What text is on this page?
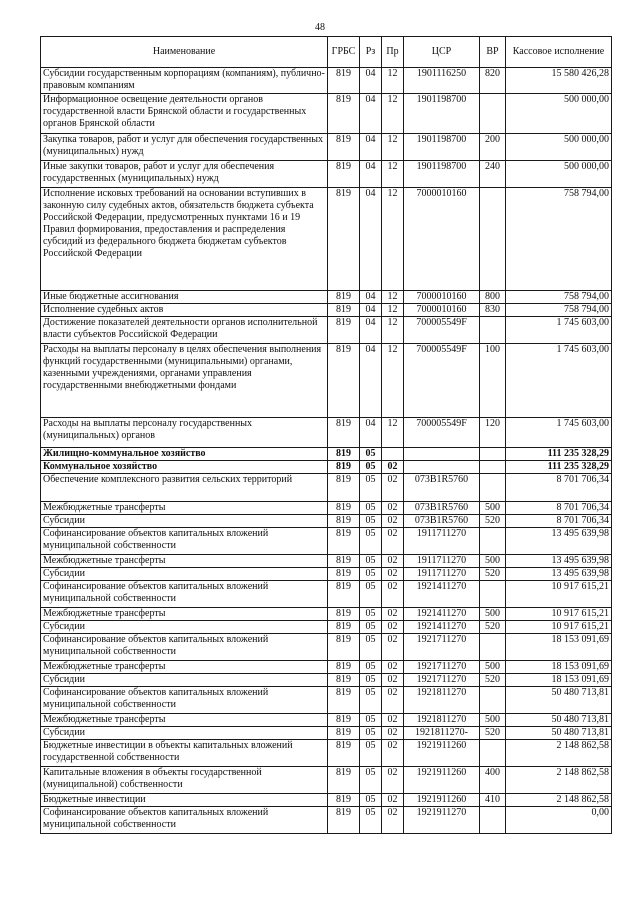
48
Наименование	ГРБС	Рз	Пр	ЦСР	ВР	Кассовое исполнение
Субсидии государственным корпорациям (компаниям), публично-правовым компаниям	819	04	12	1901116250	820	15 580 426,28
Информационное освещение деятельности органов государственной власти Брянской области и государственных органов Брянской области	819	04	12	1901198700		500 000,00
Закупка товаров, работ и услуг для обеспечения государственных (муниципальных) нужд	819	04	12	1901198700	200	500 000,00
Иные закупки товаров, работ и услуг для обеспечения государственных (муниципальных) нужд	819	04	12	1901198700	240	500 000,00
Исполнение исковых требований на основании вступивших в законную силу судебных актов, обязательств бюджета субъекта Российской Федерации, предусмотренных пунктами 16 и 19 Правил формирования, предоставления и распределения субсидий из федерального бюджета бюджетам субъектов Российской Федерации	819	04	12	7000010160		758 794,00
Иные бюджетные ассигнования	819	04	12	7000010160	800	758 794,00
Исполнение судебных актов	819	04	12	7000010160	830	758 794,00
Достижение показателей деятельности органов исполнительной власти субъектов Российской Федерации	819	04	12	700005549F		1 745 603,00
Расходы на выплаты персоналу в целях обеспечения выполнения функций государственными (муниципальными) органами, казенными учреждениями, органами управления государственными внебюджетными фондами	819	04	12	700005549F	100	1 745 603,00
Расходы на выплаты персоналу государственных (муниципальных) органов	819	04	12	700005549F	120	1 745 603,00
Жилищно-коммунальное хозяйство	819	05				111 235 328,29
Коммунальное хозяйство	819	05	02			111 235 328,29
Обеспечение комплексного развития сельских территорий	819	05	02	073B1R5760		8 701 706,34
Межбюджетные трансферты	819	05	02	073B1R5760	500	8 701 706,34
Субсидии	819	05	02	073B1R5760	520	8 701 706,34
Софинансирование объектов капитальных вложений муниципальной собственности	819	05	02	1911711270		13 495 639,98
Межбюджетные трансферты	819	05	02	1911711270	500	13 495 639,98
Субсидии	819	05	02	1911711270	520	13 495 639,98
Софинансирование объектов капитальных вложений муниципальной собственности	819	05	02	1921411270		10 917 615,21
Межбюджетные трансферты	819	05	02	1921411270	500	10 917 615,21
Субсидии	819	05	02	1921411270	520	10 917 615,21
Софинансирование объектов капитальных вложений муниципальной собственности	819	05	02	1921711270		18 153 091,69
Межбюджетные трансферты	819	05	02	1921711270	500	18 153 091,69
Субсидии	819	05	02	1921711270	520	18 153 091,69
Софинансирование объектов капитальных вложений муниципальной собственности	819	05	02	1921811270		50 480 713,81
Межбюджетные трансферты	819	05	02	1921811270	500	50 480 713,81
Субсидии	819	05	02	1921811270-	520	50 480 713,81
Бюджетные инвестиции в объекты капитальных вложений государственной собственности	819	05	02	1921911260		2 148 862,58
Капитальные вложения в объекты государственной (муниципальной) собственности	819	05	02	1921911260	400	2 148 862,58
Бюджетные инвестиции	819	05	02	1921911260	410	2 148 862,58
Софинансирование объектов капитальных вложений муниципальной собственности	819	05	02	1921911270		0,00
